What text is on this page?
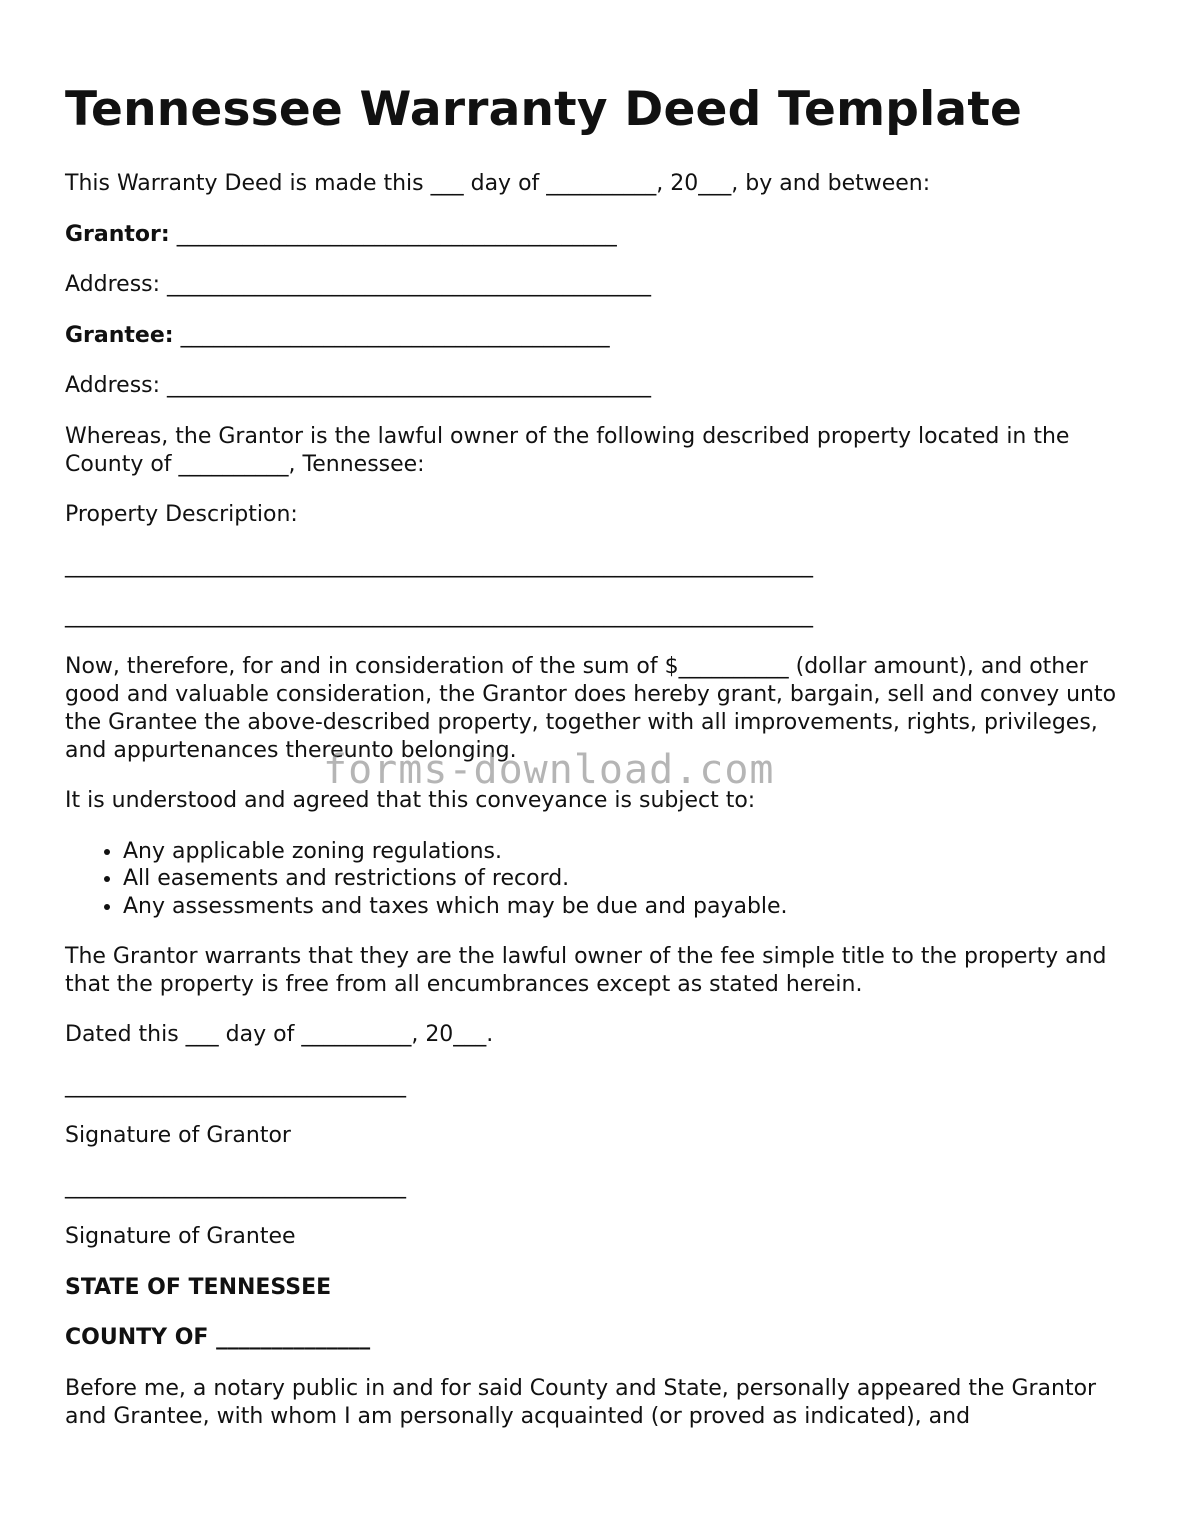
Tennessee Warranty Deed Template

This Warranty Deed is made this ___ day of __________, 20___, by and between:

Grantor: ________________________________________

Address: ____________________________________________

Grantee: _______________________________________

Address: ____________________________________________

Whereas, the Grantor is the lawful owner of the following described property located in the County of __________, Tennessee:

Property Description:

____________________________________________________________________

____________________________________________________________________

Now, therefore, for and in consideration of the sum of $__________ (dollar amount), and other good and valuable consideration, the Grantor does hereby grant, bargain, sell and convey unto the Grantee the above-described property, together with all improvements, rights, privileges, and appurtenances thereunto belonging.

It is understood and agreed that this conveyance is subject to:

• Any applicable zoning regulations.
• All easements and restrictions of record.
• Any assessments and taxes which may be due and payable.

The Grantor warrants that they are the lawful owner of the fee simple title to the property and that the property is free from all encumbrances except as stated herein.

Dated this ___ day of __________, 20___.

_______________________________

Signature of Grantor

_______________________________

Signature of Grantee

STATE OF TENNESSEE

COUNTY OF ______________

Before me, a notary public in and for said County and State, personally appeared the Grantor and Grantee, with whom I am personally acquainted (or proved as indicated), and

forms-download.com
